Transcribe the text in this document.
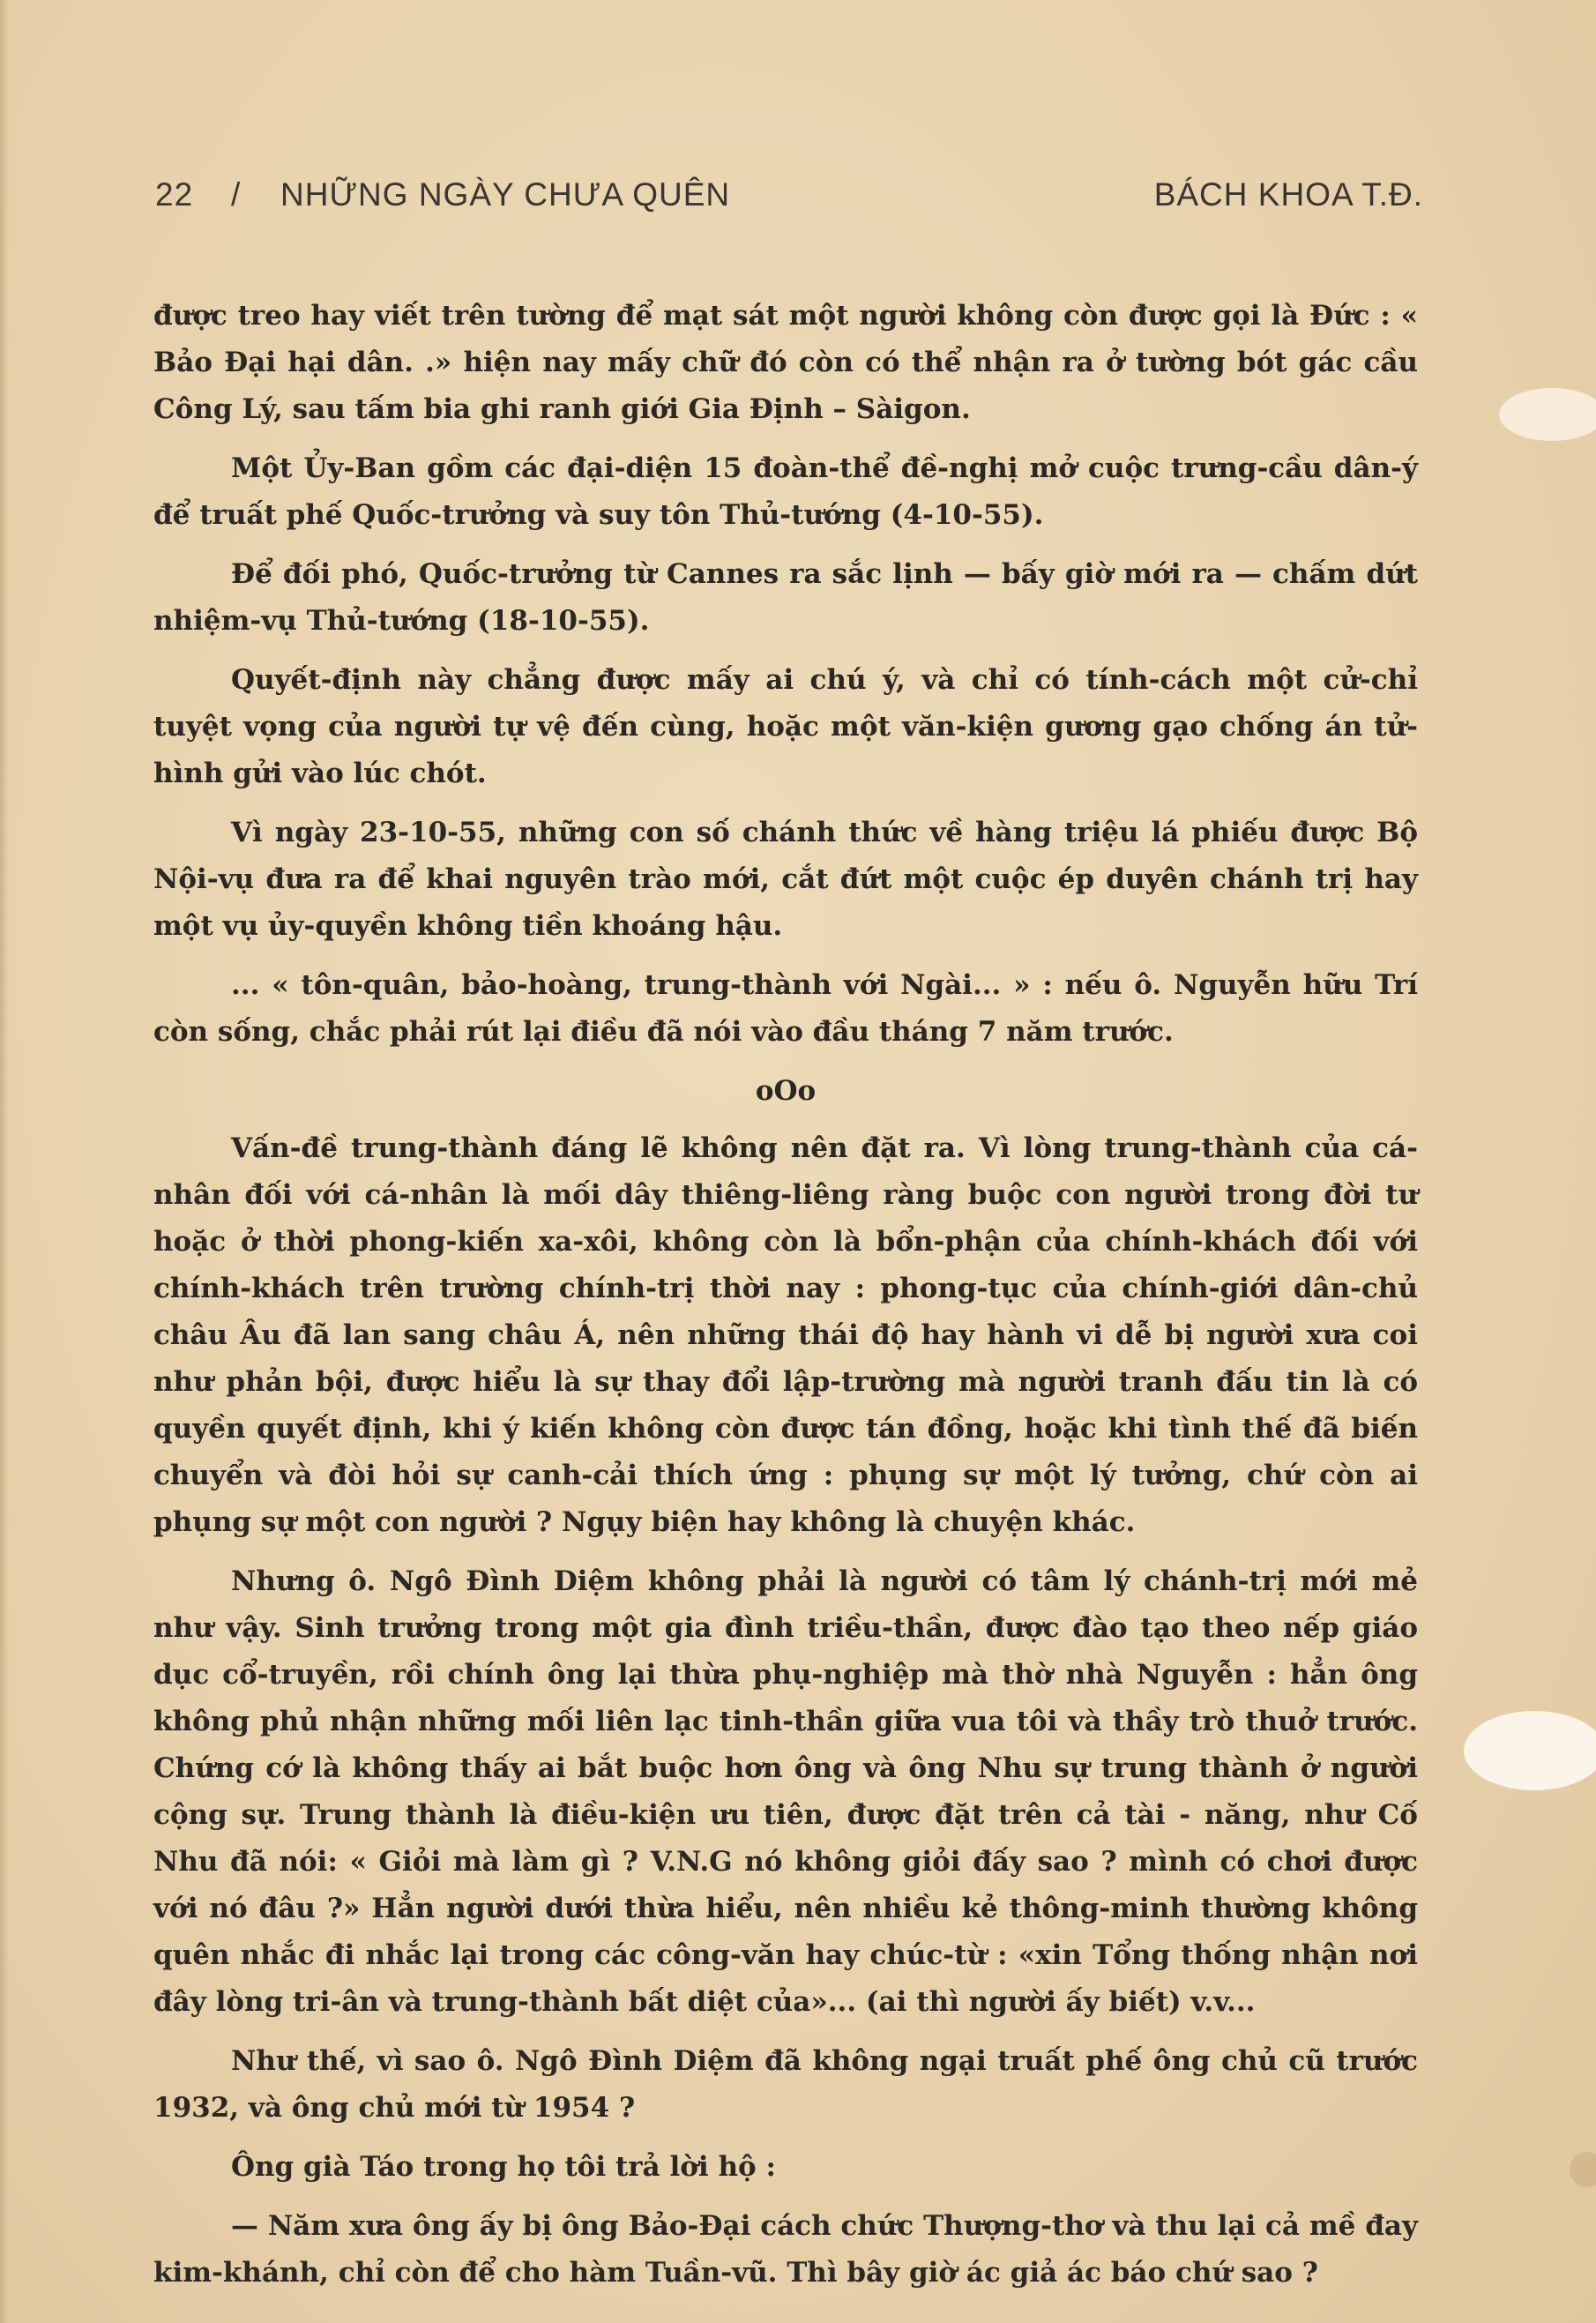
22 / NHỮNG NGÀY CHƯA QUÊN	BÁCH KHOA T.Đ.

được treo hay viết trên tường để mạt sát một người không còn được gọi là Đức : « Bảo Đại hại dân. .» hiện nay mấy chữ đó còn có thể nhận ra ở tường bót gác cầu Công Lý, sau tấm bia ghi ranh giới Gia Định – Sàigon.

Một Ủy-Ban gồm các đại-diện 15 đoàn-thể đề-nghị mở cuộc trưng-cầu dân-ý để truất phế Quốc-trưởng và suy tôn Thủ-tướng (4-10-55).

Để đối phó, Quốc-trưởng từ Cannes ra sắc lịnh — bấy giờ mới ra — chấm dứt nhiệm-vụ Thủ-tướng (18-10-55).

Quyết-định này chẳng được mấy ai chú ý, và chỉ có tính-cách một cử-chỉ tuyệt vọng của người tự vệ đến cùng, hoặc một văn-kiện gương gạo chống án tử-hình gửi vào lúc chót.

Vì ngày 23-10-55, những con số chánh thức về hàng triệu lá phiếu được Bộ Nội-vụ đưa ra để khai nguyên trào mới, cắt đứt một cuộc ép duyên chánh trị hay một vụ ủy-quyền không tiền khoáng hậu.

... « tôn-quân, bảo-hoàng, trung-thành với Ngài... » : nếu ô. Nguyễn hữu Trí còn sống, chắc phải rút lại điều đã nói vào đầu tháng 7 năm trước.

oOo

Vấn-đề trung-thành đáng lẽ không nên đặt ra. Vì lòng trung-thành của cá-nhân đối với cá-nhân là mối dây thiêng-liêng ràng buộc con người trong đời tư hoặc ở thời phong-kiến xa-xôi, không còn là bổn-phận của chính-khách đối với chính-khách trên trường chính-trị thời nay : phong-tục của chính-giới dân-chủ châu Âu đã lan sang châu Á, nên những thái độ hay hành vi dễ bị người xưa coi như phản bội, được hiểu là sự thay đổi lập-trường mà người tranh đấu tin là có quyền quyết định, khi ý kiến không còn được tán đồng, hoặc khi tình thế đã biến chuyển và đòi hỏi sự canh-cải thích ứng : phụng sự một lý tưởng, chứ còn ai phụng sự một con người ? Ngụy biện hay không là chuyện khác.

Nhưng ô. Ngô Đình Diệm không phải là người có tâm lý chánh-trị mới mẻ như vậy. Sinh trưởng trong một gia đình triều-thần, được đào tạo theo nếp giáo dục cổ-truyền, rồi chính ông lại thừa phụ-nghiệp mà thờ nhà Nguyễn : hẳn ông không phủ nhận những mối liên lạc tinh-thần giữa vua tôi và thầy trò thuở trước. Chứng cớ là không thấy ai bắt buộc hơn ông và ông Nhu sự trung thành ở người cộng sự. Trung thành là điều-kiện ưu tiên, được đặt trên cả tài - năng, như Cố Nhu đã nói: « Giỏi mà làm gì ? V.N.G nó không giỏi đấy sao ? mình có chơi được với nó đâu ?» Hẳn người dưới thừa hiểu, nên nhiều kẻ thông-minh thường không quên nhắc đi nhắc lại trong các công-văn hay chúc-từ : «xin Tổng thống nhận nơi đây lòng tri-ân và trung-thành bất diệt của»... (ai thì người ấy biết) v.v...

Như thế, vì sao ô. Ngô Đình Diệm đã không ngại truất phế ông chủ cũ trước 1932, và ông chủ mới từ 1954 ?

Ông già Táo trong họ tôi trả lời hộ :

— Năm xưa ông ấy bị ông Bảo-Đại cách chức Thượng-thơ và thu lại cả mề đay kim-khánh, chỉ còn để cho hàm Tuần-vũ. Thì bây giờ ác giả ác báo chứ sao ?
